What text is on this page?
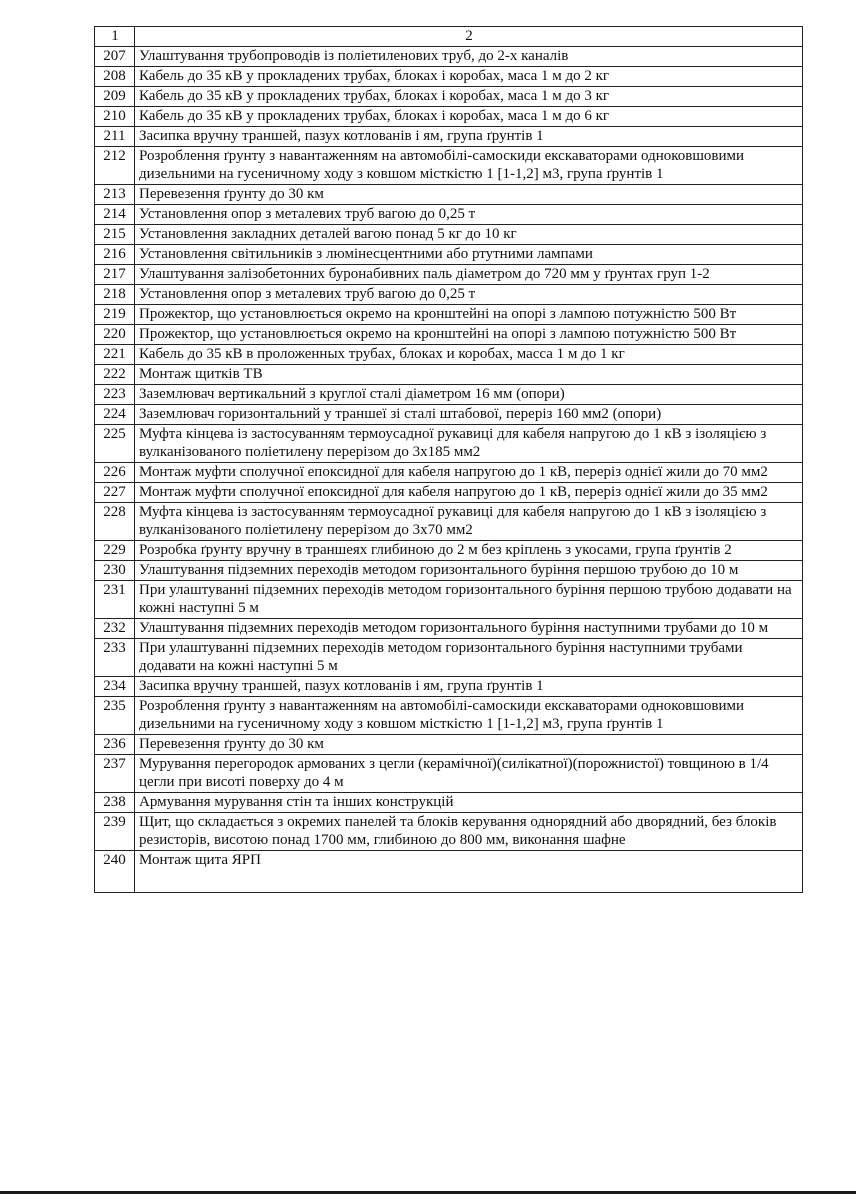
1	2
207	Улаштування трубопроводів із поліетиленових труб, до 2-х каналів
208	Кабель до 35 кВ у прокладених трубах, блоках і коробах, маса 1 м до 2 кг
209	Кабель до 35 кВ у прокладених трубах, блоках і коробах, маса 1 м до 3 кг
210	Кабель до 35 кВ у прокладених трубах, блоках і коробах, маса 1 м до 6 кг
211	Засипка вручну траншей, пазух котлованів і ям, група ґрунтів 1
212	Розроблення ґрунту з навантаженням на автомобілі-самоскиди екскаваторами одноковшовими дизельними на гусеничному ходу з ковшом місткістю 1 [1-1,2] м3, група ґрунтів 1
213	Перевезення ґрунту до 30 км
214	Установлення опор з металевих труб вагою до 0,25 т
215	Установлення закладних деталей вагою понад 5 кг до 10 кг
216	Установлення світильників з люмінесцентними або ртутними лампами
217	Улаштування залізобетонних буронабивних паль діаметром до 720 мм у ґрунтах груп 1-2
218	Установлення опор з металевих труб вагою до 0,25 т
219	Прожектор, що установлюється окремо на кронштейні на опорі з лампою потужністю 500 Вт
220	Прожектор, що установлюється окремо на кронштейні на опорі з лампою потужністю 500 Вт
221	Кабель до 35 кВ в проложенных трубах, блоках и коробах, масса 1 м до 1 кг
222	Монтаж щитків ТВ
223	Заземлювач вертикальний з круглої сталі діаметром 16 мм (опори)
224	Заземлювач горизонтальний у траншеї зі сталі штабової, переріз 160 мм2 (опори)
225	Муфта кінцева із застосуванням термоусадної рукавиці для кабеля напругою до 1 кВ з ізоляцією з вулканізованого поліетилену перерізом до 3х185 мм2
226	Монтаж муфти сполучної епоксидної для кабеля напругою до 1 кВ, переріз однієї жили до 70 мм2
227	Монтаж муфти сполучної епоксидної для кабеля напругою до 1 кВ, переріз однієї жили до 35 мм2
228	Муфта кінцева із застосуванням термоусадної рукавиці для кабеля напругою до 1 кВ з ізоляцією з вулканізованого поліетилену перерізом до 3х70 мм2
229	Розробка ґрунту вручну в траншеях глибиною до 2 м без кріплень з укосами, група ґрунтів 2
230	Улаштування підземних переходів методом горизонтального буріння першою трубою до 10 м
231	При улаштуванні підземних переходів методом горизонтального буріння першою трубою додавати на кожні наступні 5 м
232	Улаштування підземних переходів методом горизонтального буріння наступними трубами до 10 м
233	При улаштуванні підземних переходів методом горизонтального буріння наступними трубами додавати на кожні наступні 5 м
234	Засипка вручну траншей, пазух котлованів і ям, група ґрунтів 1
235	Розроблення ґрунту з навантаженням на автомобілі-самоскиди екскаваторами одноковшовими дизельними на гусеничному ходу з ковшом місткістю 1 [1-1,2] м3, група ґрунтів 1
236	Перевезення ґрунту до 30 км
237	Мурування перегородок армованих з цегли (керамічної)(силікатної)(порожнистої) товщиною в 1/4 цегли при висоті поверху до 4 м
238	Армування мурування стін та інших конструкцій
239	Щит, що складається з окремих панелей та блоків керування однорядний або дворядний, без блоків резисторів, висотою понад 1700 мм, глибиною до 800 мм, виконання шафне
240	Монтаж щита ЯРП
